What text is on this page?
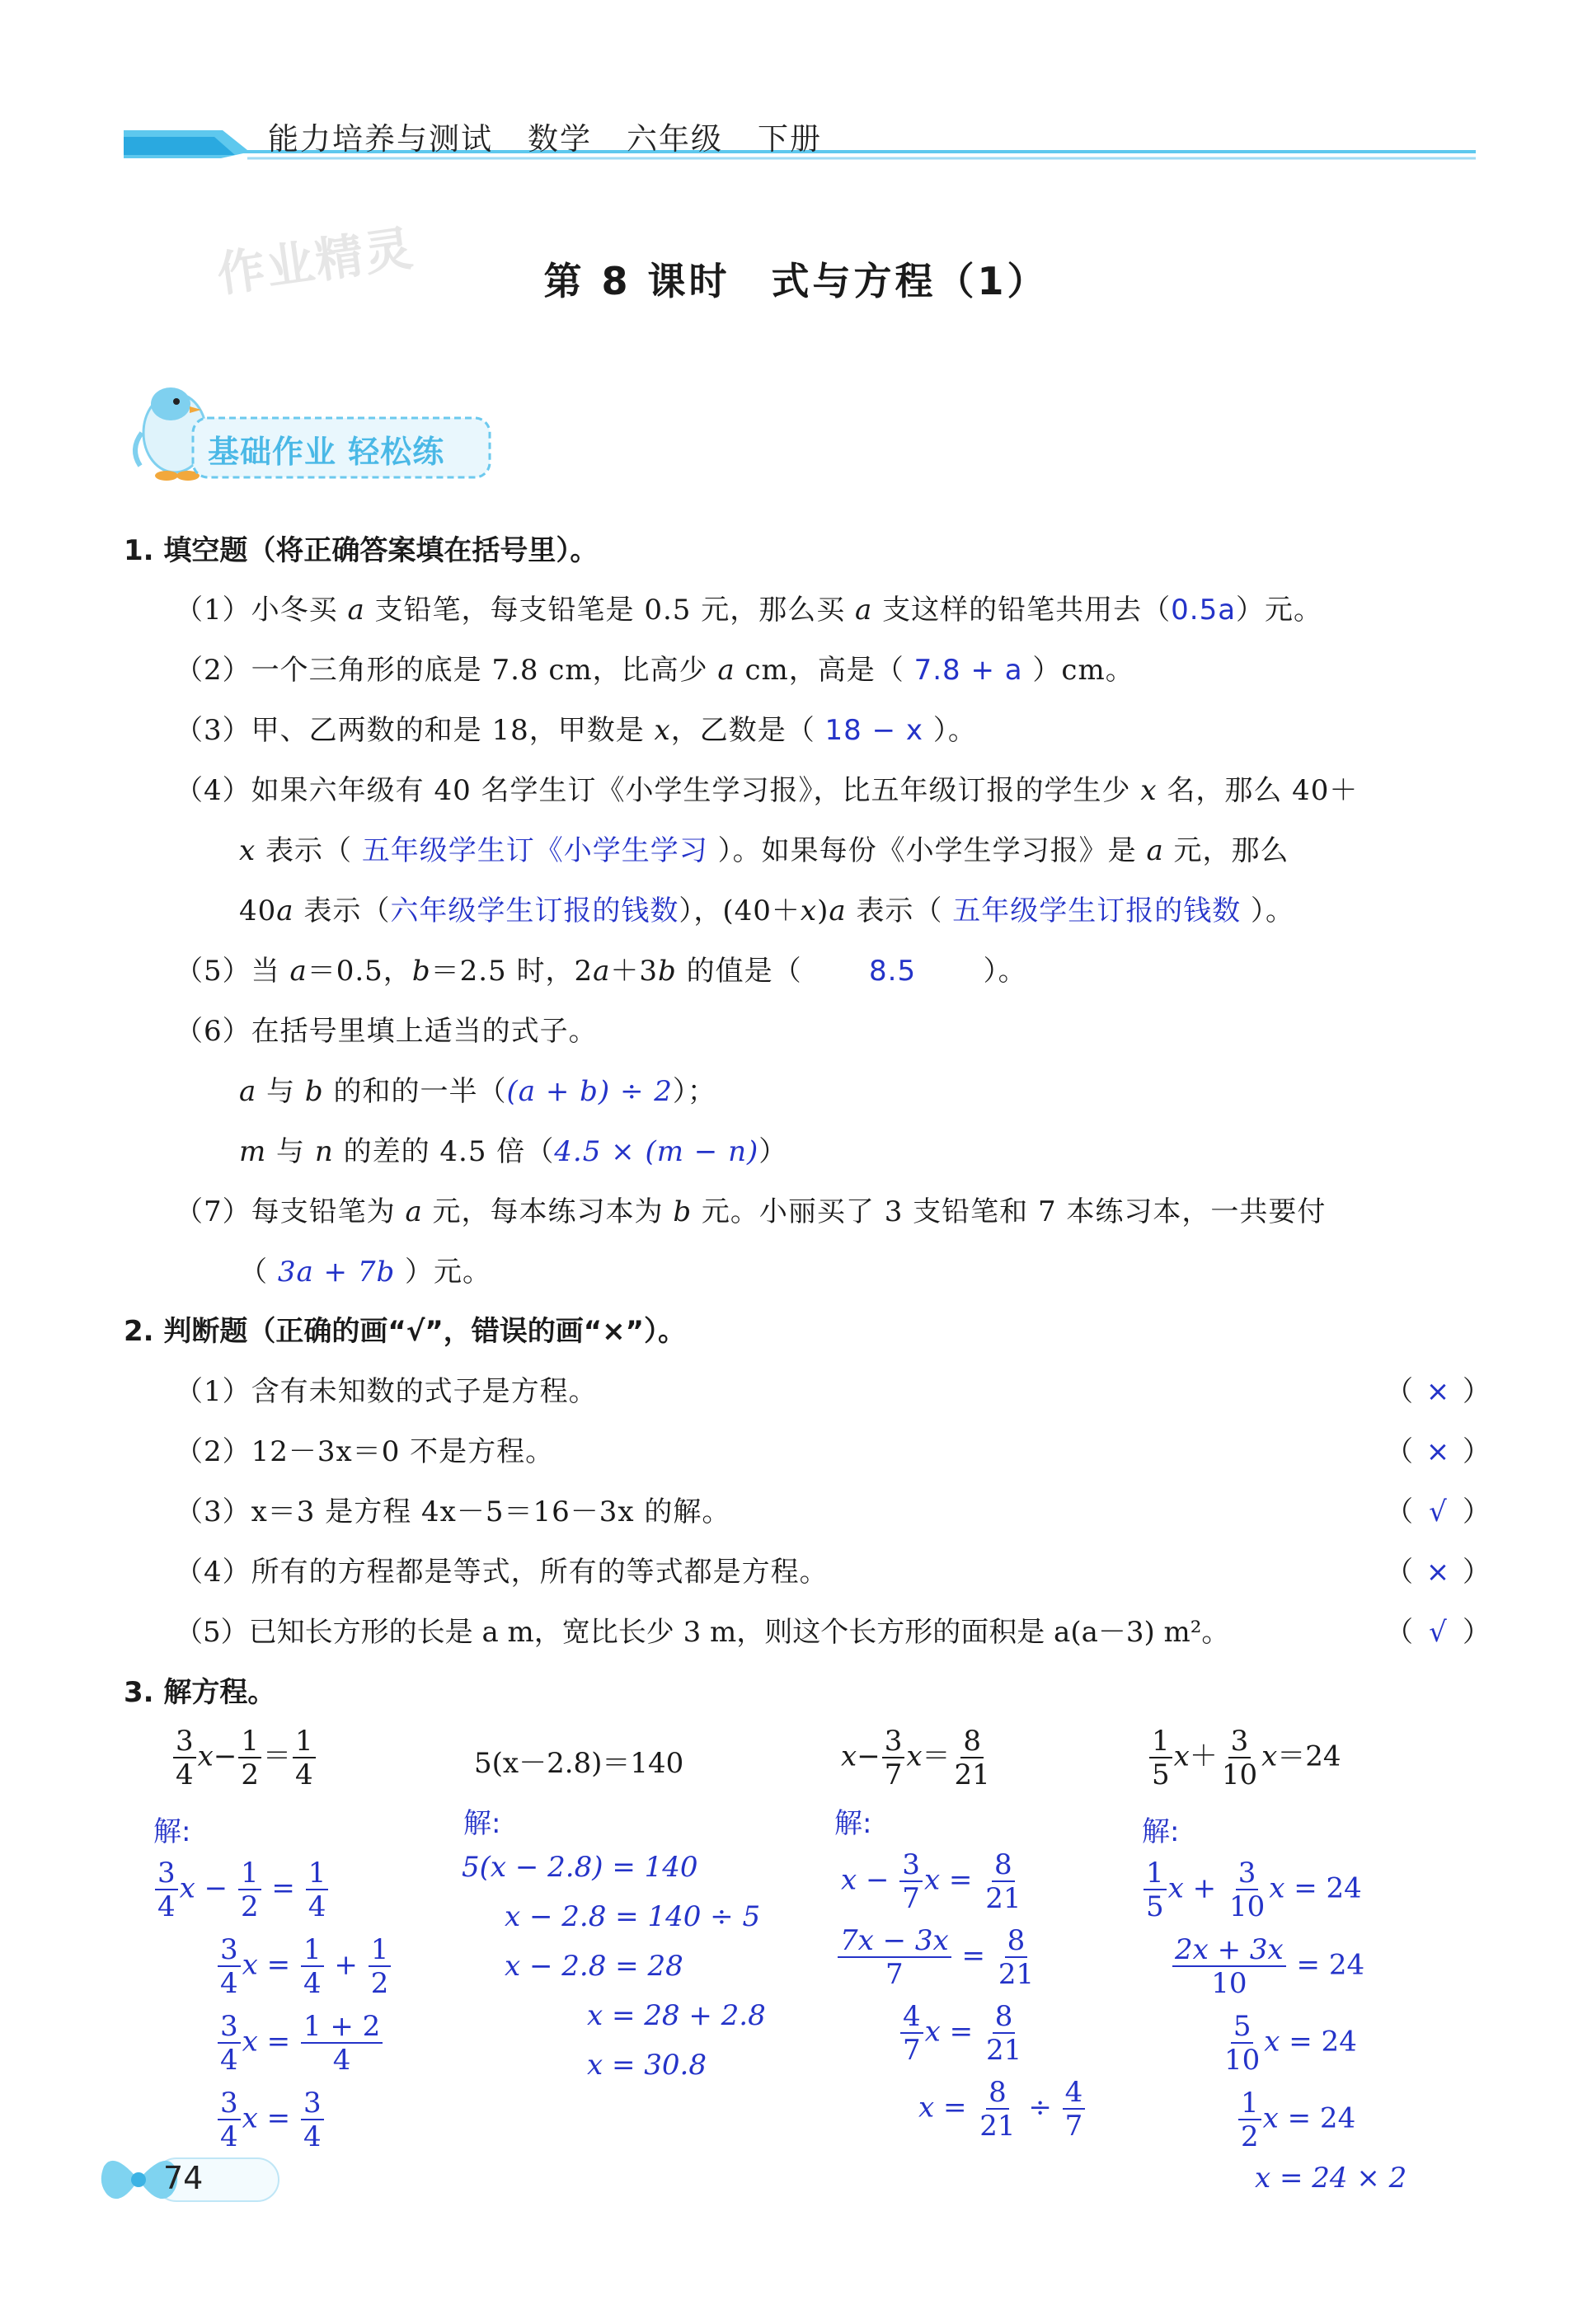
能力培养与测试 数学 六年级 下册
作业精灵	第 8 课时　式与方程（1）
基础作业 轻松练
1. 填空题（将正确答案填在括号里）。
（1）小冬买 a 支铅笔，每支铅笔是 0.5 元，那么买 a 支这样的铅笔共用去（0.5a）元。
（2）一个三角形的底是 7.8 cm，比高少 a cm，高是（ 7.8 + a ）cm。
（3）甲、乙两数的和是 18，甲数是 x，乙数是（ 18 − x ）。
（4）如果六年级有 40 名学生订《小学生学习报》，比五年级订报的学生少 x 名，那么 40＋
x 表示（ 五年级学生订《小学生学习 ）。如果每份《小学生学习报》是 a 元，那么
40a 表示（六年级学生订报的钱数），(40＋x)a 表示（ 五年级学生订报的钱数 ）。
（5）当 a＝0.5，b＝2.5 时，2a＋3b 的值是（ 8.5 ）。
（6）在括号里填上适当的式子。
a 与 b 的和的一半（(a + b) ÷ 2）；
m 与 n 的差的 4.5 倍（4.5 × (m − n)）
（7）每支铅笔为 a 元，每本练习本为 b 元。小丽买了 3 支铅笔和 7 本练习本，一共要付
（ 3a + 7b ）元。
2. 判断题（正确的画“√”，错误的画“×”）。
（1）含有未知数的式子是方程。	（ × ）
（2）12－3x＝0 不是方程。	（ × ）
（3）x＝3 是方程 4x－5＝16－3x 的解。	（ √ ）
（4）所有的方程都是等式，所有的等式都是方程。	（ × ）
（5）已知长方形的长是 a m，宽比长少 3 m，则这个长方形的面积是 a(a－3) m²。	（ √ ）
3. 解方程。
$\frac{3}{4} x- \frac{1}{2} = \frac{1}{4}$
解:
$\frac{3}{4}$ $x - \frac{1}{2} = \frac{1}{4}$
$\frac{3}{4}$ $x = \frac{1}{4} + \frac{1}{2}$
$\frac{3}{4}$ $x = \frac{1 + 2}{4}$
$\frac{3}{4}$ $x = \frac{3}{4}$
5(x－2.8)＝140
解:
5(x − 2.8) = 140
x − 2.8 = 140 ÷ 5
x − 2.8 = 28
x = 28 + 2.8
x = 30.8
$x- \frac{3}{7} x= \frac{8}{21}$
解:
$x - \frac{3}{7}$ $x = \frac{8}{21}$
$\frac{7x - 3x}{7} = \frac{8}{21}$
$\frac{4}{7}$ $x = \frac{8}{21}$
$x = \frac{8}{21} \div \frac{4}{7}$
$\frac{1}{5} x+ \frac{3}{10} x=24$
解:
$\frac{1}{5}$ $x + \frac{3}{10}$ x = 24
$\frac{2x + 3x}{10} = 24$
$\frac{5}{10}$ x = 24
$\frac{1}{2}$ x = 24
x = 24 × 2
74
